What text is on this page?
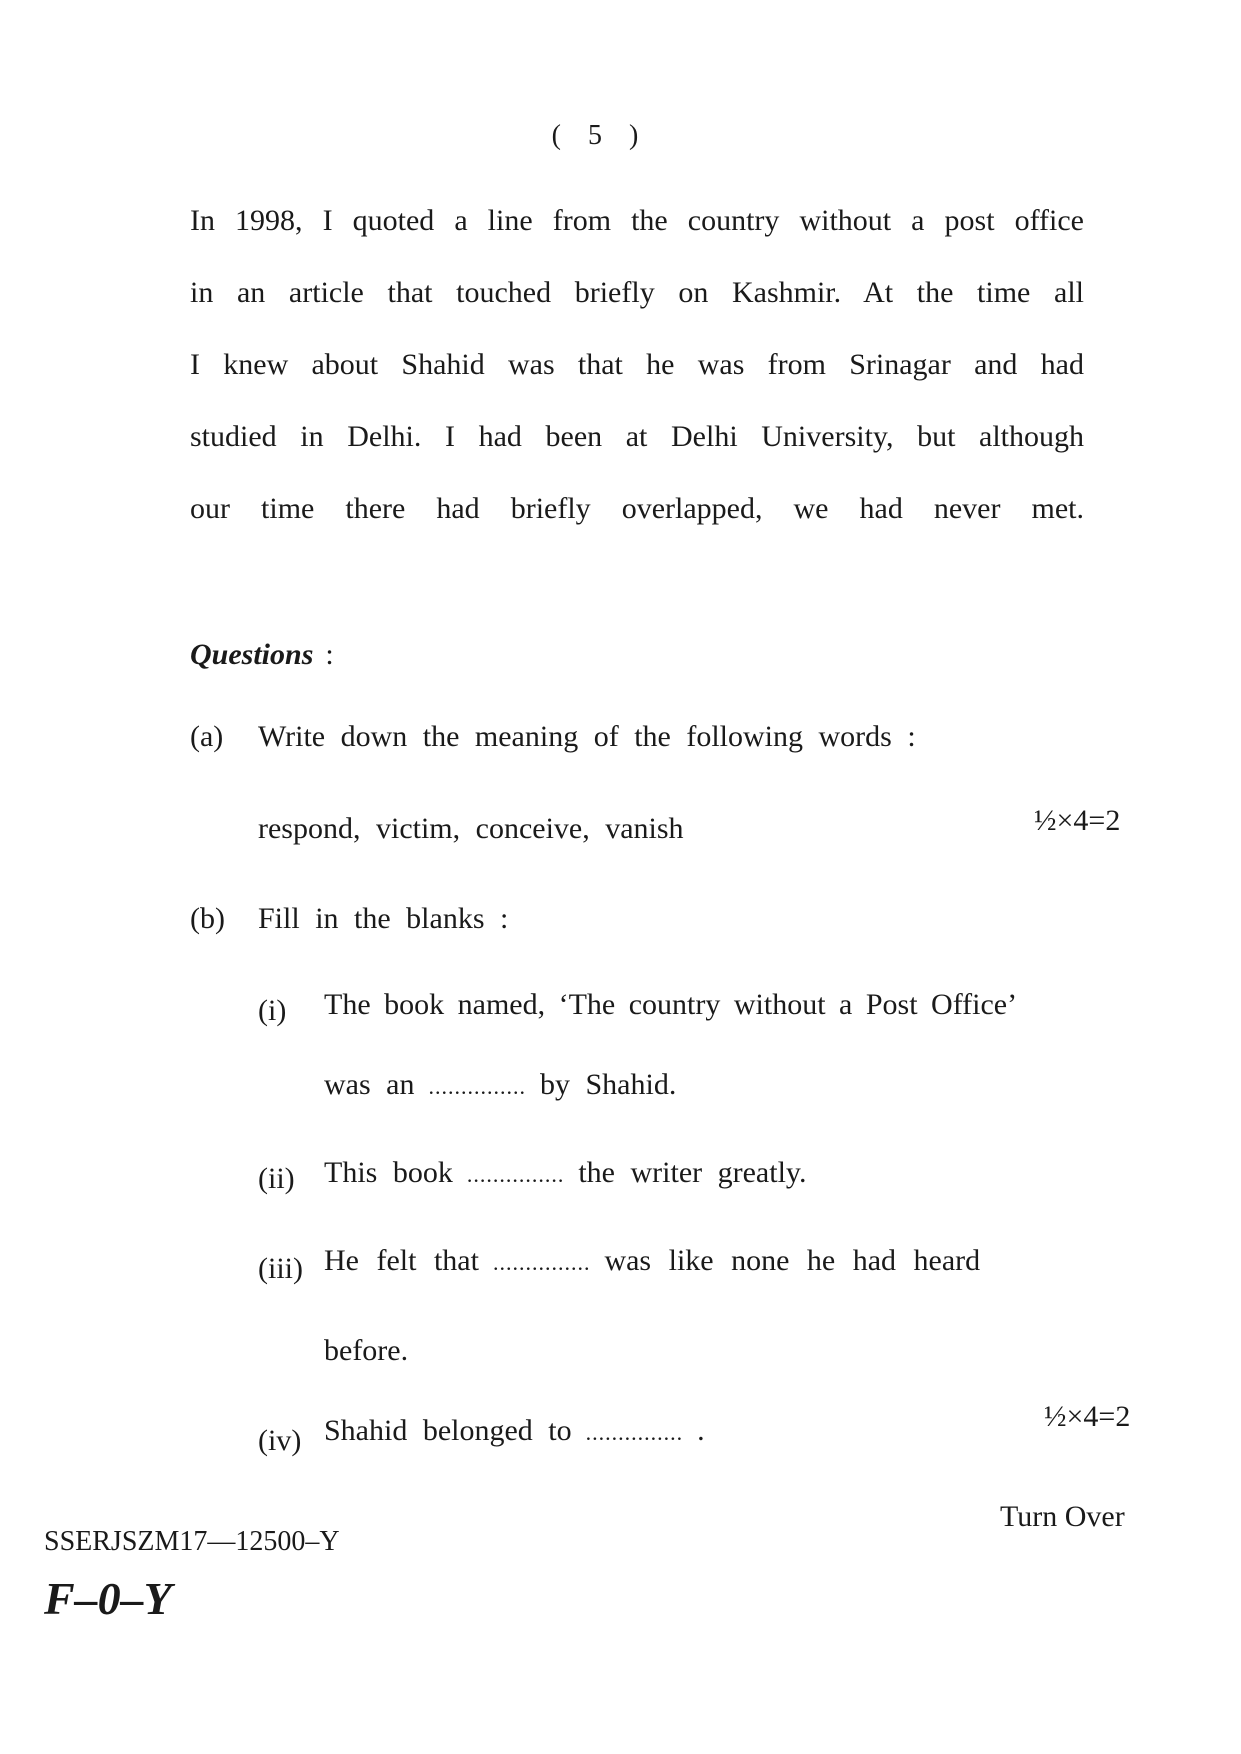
( 5 )
In 1998, I quoted a line from the country without a post office
in an article that touched briefly on Kashmir. At the time all
I knew about Shahid was that he was from Srinagar and had
studied in Delhi. I had been at Delhi University, but although
our time there had briefly overlapped, we had never met.
Questions :
(a) Write down the meaning of the following words :
respond, victim, conceive, vanish	½×4=2
(b) Fill in the blanks :
(i) The book named, ‘The country without a Post Office’
was an ............... by Shahid.
(ii) This book ............... the writer greatly.
(iii) He felt that ............... was like none he had heard
before.
(iv) Shahid belonged to ............... .	½×4=2
Turn Over
SSERJSZM17—12500–Y
F–0–Y
